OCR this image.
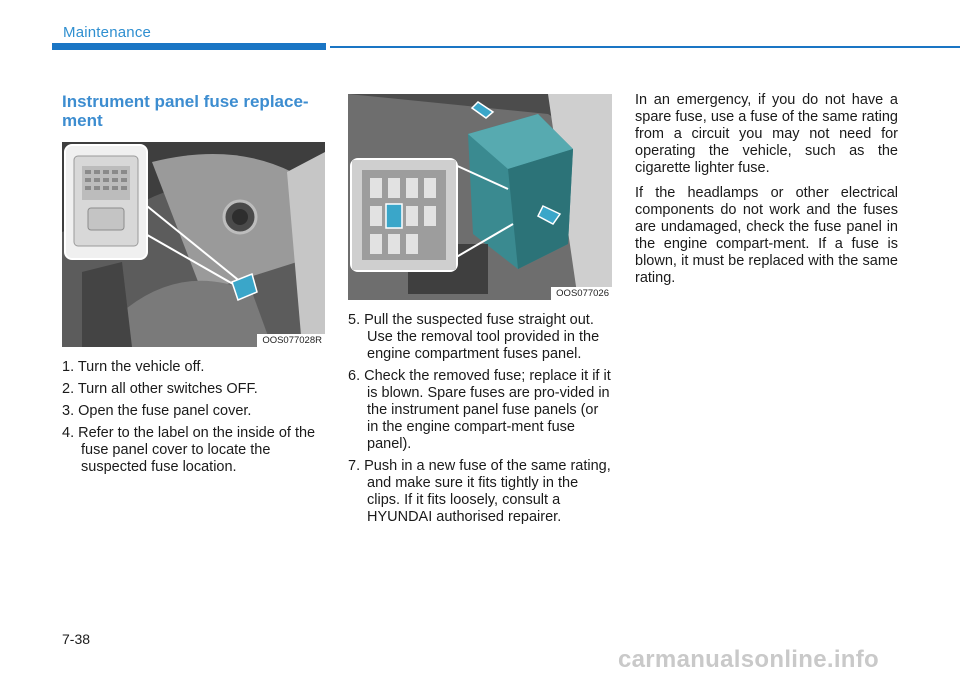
Maintenance
Instrument panel fuse replace-ment
OOS077028R
1. Turn the vehicle off.
2. Turn all other switches OFF.
3. Open the fuse panel cover.
4. Refer to the label on the inside of the fuse panel cover to locate the suspected fuse location.
OOS077026
5. Pull the suspected fuse straight out. Use the removal tool provided in the engine compartment fuses panel.
6. Check the removed fuse; replace it if it is blown. Spare fuses are pro-vided in the instrument panel fuse panels (or in the engine compart-ment fuse panel).
7. Push in a new fuse of the same rating, and make sure it fits tightly in the clips. If it fits loosely, consult a HYUNDAI authorised repairer.

In an emergency, if you do not have a spare fuse, use a fuse of the same rating from a circuit you may not need for operating the vehicle, such as the cigarette lighter fuse.

If the headlamps or other electrical components do not work and the fuses are undamaged, check the fuse panel in the engine compart-ment. If a fuse is blown, it must be replaced with the same rating.

7-38
carmanualsonline.info
